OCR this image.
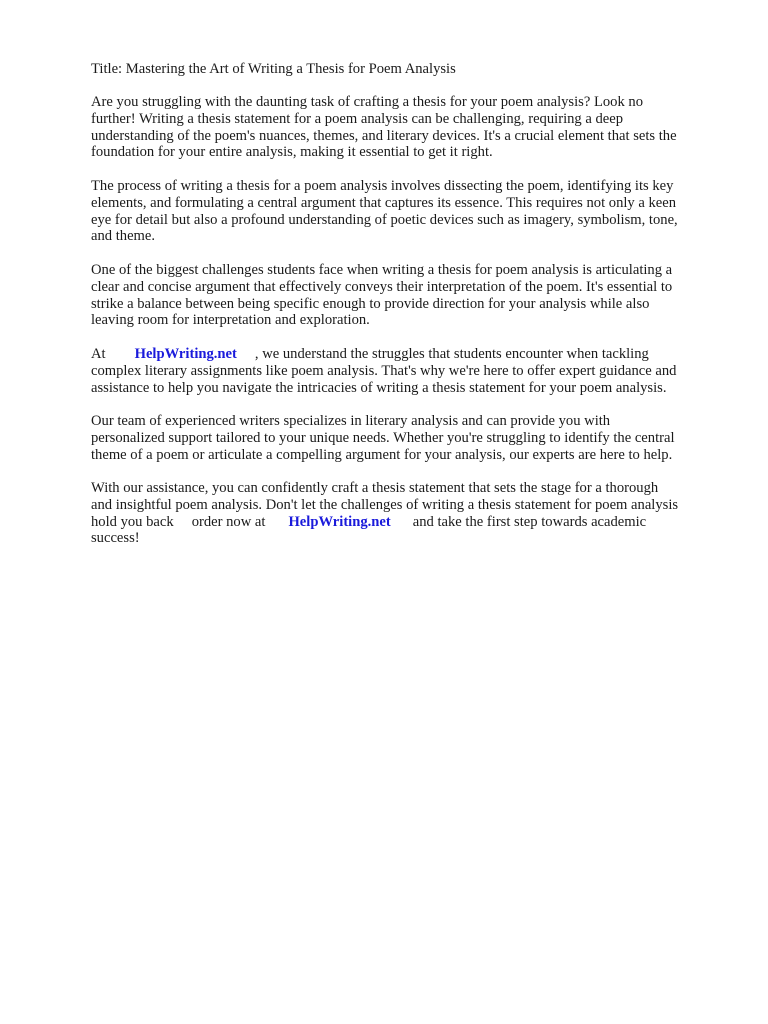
Title: Mastering the Art of Writing a Thesis for Poem Analysis

Are you struggling with the daunting task of crafting a thesis for your poem analysis? Look no
further! Writing a thesis statement for a poem analysis can be challenging, requiring a deep
understanding of the poem's nuances, themes, and literary devices. It's a crucial element that sets the
foundation for your entire analysis, making it essential to get it right.

The process of writing a thesis for a poem analysis involves dissecting the poem, identifying its key
elements, and formulating a central argument that captures its essence. This requires not only a keen
eye for detail but also a profound understanding of poetic devices such as imagery, symbolism, tone,
and theme.

One of the biggest challenges students face when writing a thesis for poem analysis is articulating a
clear and concise argument that effectively conveys their interpretation of the poem. It's essential to
strike a balance between being specific enough to provide direction for your analysis while also
leaving room for interpretation and exploration.

At HelpWriting.net , we understand the struggles that students encounter when tackling
complex literary assignments like poem analysis. That's why we're here to offer expert guidance and
assistance to help you navigate the intricacies of writing a thesis statement for your poem analysis.

Our team of experienced writers specializes in literary analysis and can provide you with
personalized support tailored to your unique needs. Whether you're struggling to identify the central
theme of a poem or articulate a compelling argument for your analysis, our experts are here to help.

With our assistance, you can confidently craft a thesis statement that sets the stage for a thorough
and insightful poem analysis. Don't let the challenges of writing a thesis statement for poem analysis
hold you back order now at HelpWriting.net and take the first step towards academic
success!
